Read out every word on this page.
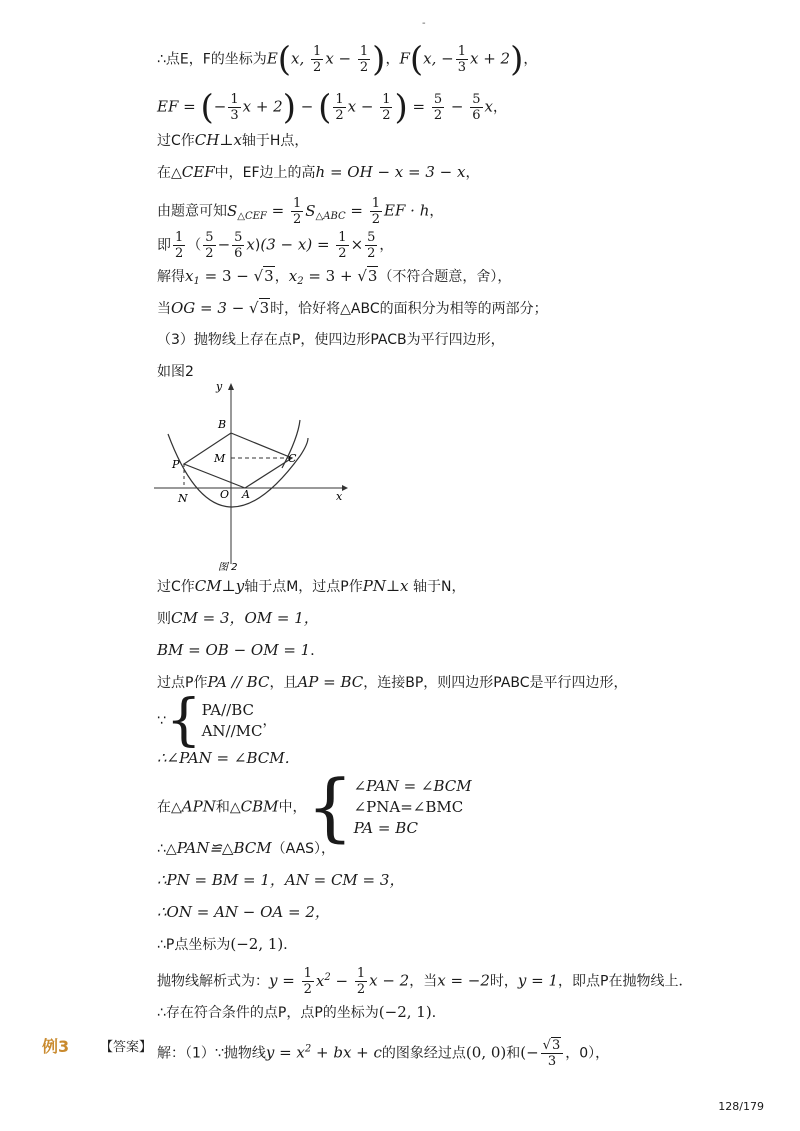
-
∴点E，F的坐标为E(x, $\frac{1}{2}$ $x - \frac{1}{2}$ )，F(x, − $\frac{1}{3}$ x + 2)，
EF = (− $\frac{1}{3}$ x + 2) − ( $\frac{1}{2}$ $x - \frac{1}{2}$ ) = $\frac{5}{2} - \frac{5}{6}$ x，
过C作CH⊥x轴于H点，
在△CEF中，EF边上的高h = OH − x = 3 − x，
由题意可知$S_{\triangle CEF} = \frac{1}{2} S_{\triangle ABC} = \frac{1}{2}$ EF · h，
即 $\frac{1}{2}$ （ $\frac{5}{2} - \frac{5}{6} x)(3 - x) = \frac{1}{2} \times \frac{5}{2}$ ，
解得$x_1 = 3 - √3$，$x_2 = 3 + √3$（不符合题意，舍），
当OG = 3 − √3时，恰好将△ABC的面积分为相等的两部分；
（3）抛物线上存在点P，使四边形PACB为平行四边形，
如图2
y
x
B
M	C
P
N	O A
图 2
过C作CM⊥y轴于点M，过点P作PN⊥x 轴于N，
则CM = 3，OM = 1，
BM = OB − OM = 1．
过点P作PA // BC，且AP = BC，连接BP，则四边形PABC是平行四边形，
∵{ PA//BC
AN//MC
，
∴∠PAN = ∠BCM．
在△APN和△CBM中，{ ∠PAN = ∠BCM
∠PNA=∠BMC
PA = BC
∴△PAN≌△BCM（AAS），
∴PN = BM = 1，AN = CM = 3，
∴ON = AN − OA = 2，
∴P点坐标为(−2, 1)．
抛物线解析式为：$y = \frac{1}{2} x^2 - \frac{1}{2}$ x − 2，当x = −2时，y = 1，即点P在抛物线上．
∴存在符合条件的点P，点P的坐标为(−2, 1)．
例3 【答案】 解：（1）∵抛物线$y = x^2$ + bx + c的图象经过点(0, 0)和(− $\frac{√3}{3}$ ，0），
128/179
